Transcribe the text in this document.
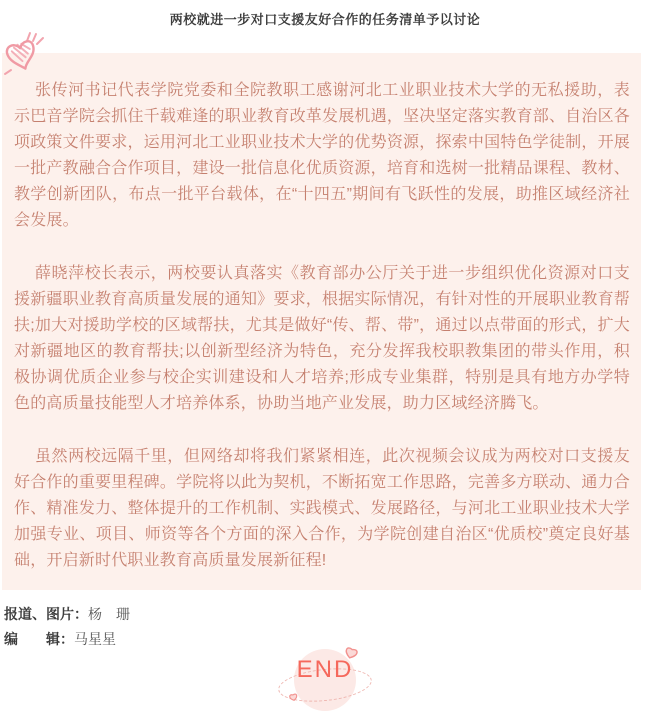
两校就进一步对口支援友好合作的任务清单予以讨论

张传河书记代表学院党委和全院教职工感谢河北工业职业技术大学的无私援助，表示巴音学院会抓住千载难逢的职业教育改革发展机遇，坚决坚定落实教育部、自治区各项政策文件要求，运用河北工业职业技术大学的优势资源，探索中国特色学徒制，开展一批产教融合合作项目，建设一批信息化优质资源，培育和选树一批精品课程、教材、教学创新团队，布点一批平台载体，在“十四五”期间有飞跃性的发展，助推区域经济社会发展。

薛晓萍校长表示，两校要认真落实《教育部办公厅关于进一步组织优化资源对口支援新疆职业教育高质量发展的通知》要求，根据实际情况，有针对性的开展职业教育帮扶;加大对援助学校的区域帮扶，尤其是做好“传、帮、带”，通过以点带面的形式，扩大对新疆地区的教育帮扶;以创新型经济为特色，充分发挥我校职教集团的带头作用，积极协调优质企业参与校企实训建设和人才培养;形成专业集群，特别是具有地方办学特色的高质量技能型人才培养体系，协助当地产业发展，助力区域经济腾飞。

虽然两校远隔千里，但网络却将我们紧紧相连，此次视频会议成为两校对口支援友好合作的重要里程碑。学院将以此为契机，不断拓宽工作思路，完善多方联动、通力合作、精准发力、整体提升的工作机制、实践模式、发展路径，与河北工业职业技术大学加强专业、项目、师资等各个方面的深入合作，为学院创建自治区“优质校”奠定良好基础，开启新时代职业教育高质量发展新征程!

报道、图片：杨　珊
编　　辑：马星星
END
